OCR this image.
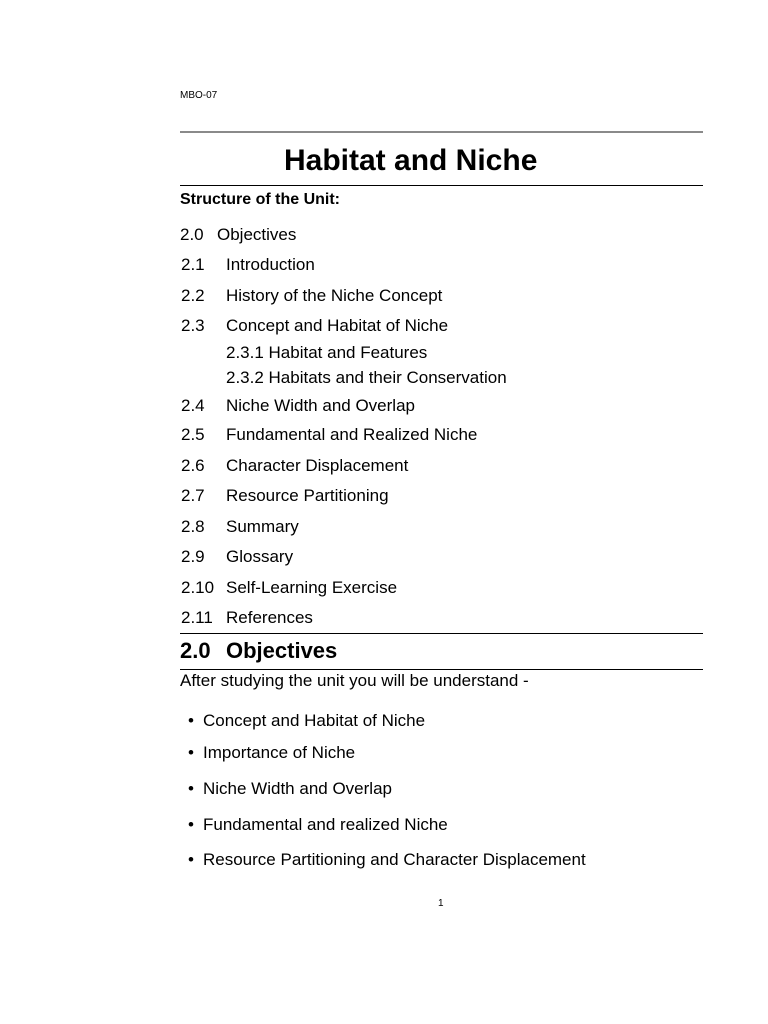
MBO-07
Habitat and Niche
Structure of the Unit:
2.0 Objectives
2.1 Introduction
2.2 History of the Niche Concept
2.3 Concept and Habitat of Niche
2.3.1 Habitat and Features
2.3.2 Habitats and their Conservation
2.4 Niche Width and Overlap
2.5 Fundamental and Realized Niche
2.6 Character Displacement
2.7 Resource Partitioning
2.8 Summary
2.9 Glossary
2.10 Self-Learning Exercise
2.11 References
2.0 Objectives
After studying the unit you will be understand -
• Concept and Habitat of Niche
• Importance of Niche
• Niche Width and Overlap
• Fundamental and realized Niche
• Resource Partitioning and Character Displacement
1
